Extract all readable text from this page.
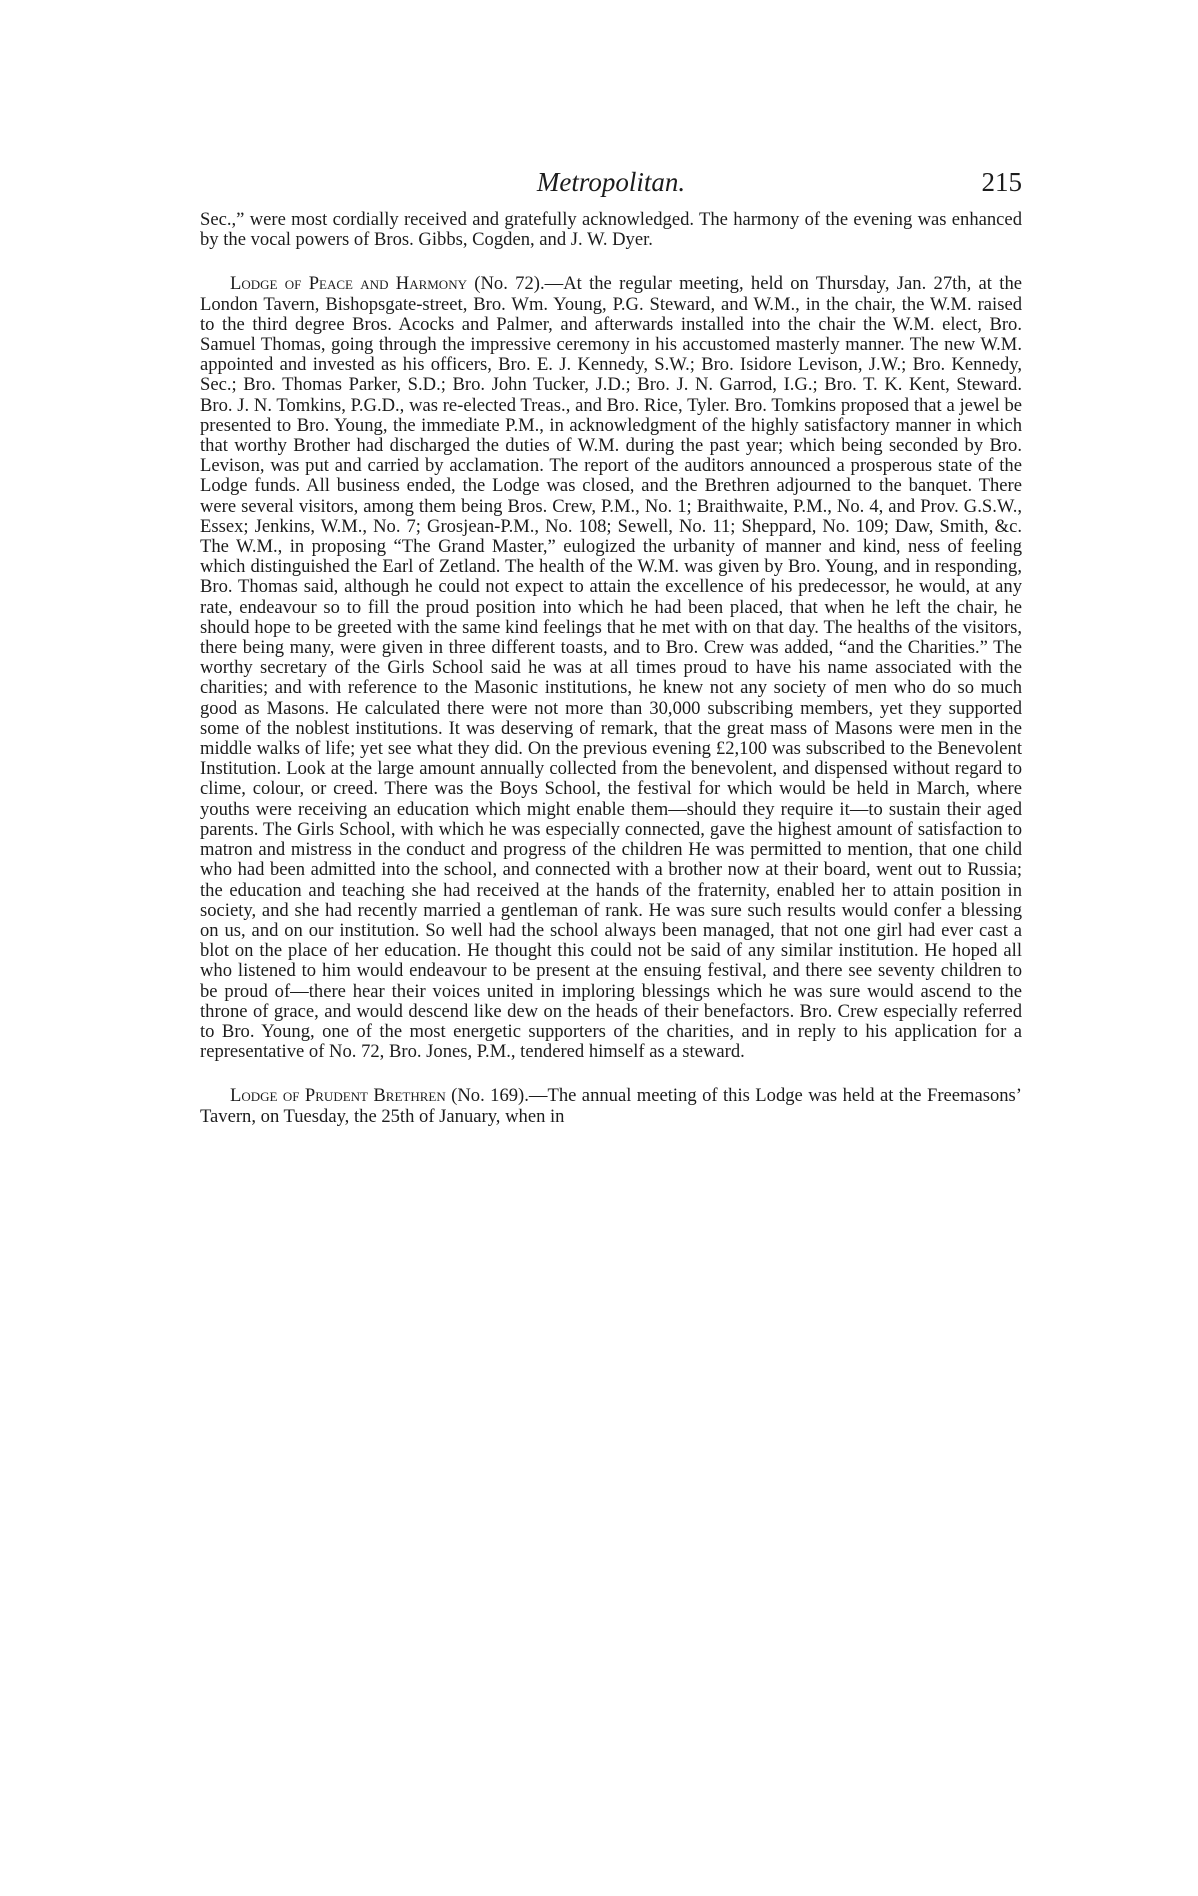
Metropolitan.	215

Sec.,” were most cordially received and gratefully acknowledged. The harmony of the evening was enhanced by the vocal powers of Bros. Gibbs, Cogden, and J. W. Dyer.

Lodge of Peace and Harmony (No. 72).—At the regular meeting, held on Thursday, Jan. 27th, at the London Tavern, Bishopsgate-street, Bro. Wm. Young, P.G. Steward, and W.M., in the chair, the W.M. raised to the third degree Bros. Acocks and Palmer, and afterwards installed into the chair the W.M. elect, Bro. Samuel Thomas, going through the impressive ceremony in his accustomed masterly manner. The new W.M. appointed and invested as his officers, Bro. E. J. Kennedy, S.W.; Bro. Isidore Levison, J.W.; Bro. Kennedy, Sec.; Bro. Thomas Parker, S.D.; Bro. John Tucker, J.D.; Bro. J. N. Garrod, I.G.; Bro. T. K. Kent, Steward. Bro. J. N. Tomkins, P.G.D., was re-elected Treas., and Bro. Rice, Tyler. Bro. Tomkins proposed that a jewel be presented to Bro. Young, the immediate P.M., in acknowledgment of the highly satisfactory manner in which that worthy Brother had discharged the duties of W.M. during the past year; which being seconded by Bro. Levison, was put and carried by acclamation. The report of the auditors announced a prosperous state of the Lodge funds. All business ended, the Lodge was closed, and the Brethren adjourned to the banquet. There were several visitors, among them being Bros. Crew, P.M., No. 1; Braithwaite, P.M., No. 4, and Prov. G.S.W., Essex; Jenkins, W.M., No. 7; Grosjean-P.M., No. 108; Sewell, No. 11; Sheppard, No. 109; Daw, Smith, &c. The W.M., in proposing “The Grand Master,” eulogized the urbanity of manner and kind, ness of feeling which distinguished the Earl of Zetland. The health of the W.M. was given by Bro. Young, and in responding, Bro. Thomas said, although he could not expect to attain the excellence of his predecessor, he would, at any rate, endeavour so to fill the proud position into which he had been placed, that when he left the chair, he should hope to be greeted with the same kind feelings that he met with on that day. The healths of the visitors, there being many, were given in three different toasts, and to Bro. Crew was added, “and the Charities.” The worthy secretary of the Girls School said he was at all times proud to have his name associated with the charities; and with reference to the Masonic institutions, he knew not any society of men who do so much good as Masons. He calculated there were not more than 30,000 subscribing members, yet they supported some of the noblest institutions. It was deserving of remark, that the great mass of Masons were men in the middle walks of life; yet see what they did. On the previous evening £2,100 was subscribed to the Benevolent Institution. Look at the large amount annually collected from the benevolent, and dispensed without regard to clime, colour, or creed. There was the Boys School, the festival for which would be held in March, where youths were receiving an education which might enable them—should they require it—to sustain their aged parents. The Girls School, with which he was especially connected, gave the highest amount of satisfaction to matron and mistress in the conduct and progress of the children He was permitted to mention, that one child who had been admitted into the school, and connected with a brother now at their board, went out to Russia; the education and teaching she had received at the hands of the fraternity, enabled her to attain position in society, and she had recently married a gentleman of rank. He was sure such results would confer a blessing on us, and on our institution. So well had the school always been managed, that not one girl had ever cast a blot on the place of her education. He thought this could not be said of any similar institution. He hoped all who listened to him would endeavour to be present at the ensuing festival, and there see seventy children to be proud of—there hear their voices united in imploring blessings which he was sure would ascend to the throne of grace, and would descend like dew on the heads of their benefactors. Bro. Crew especially referred to Bro. Young, one of the most energetic supporters of the charities, and in reply to his application for a representative of No. 72, Bro. Jones, P.M., tendered himself as a steward.

Lodge of Prudent Brethren (No. 169).—The annual meeting of this Lodge was held at the Freemasons’ Tavern, on Tuesday, the 25th of January, when in
